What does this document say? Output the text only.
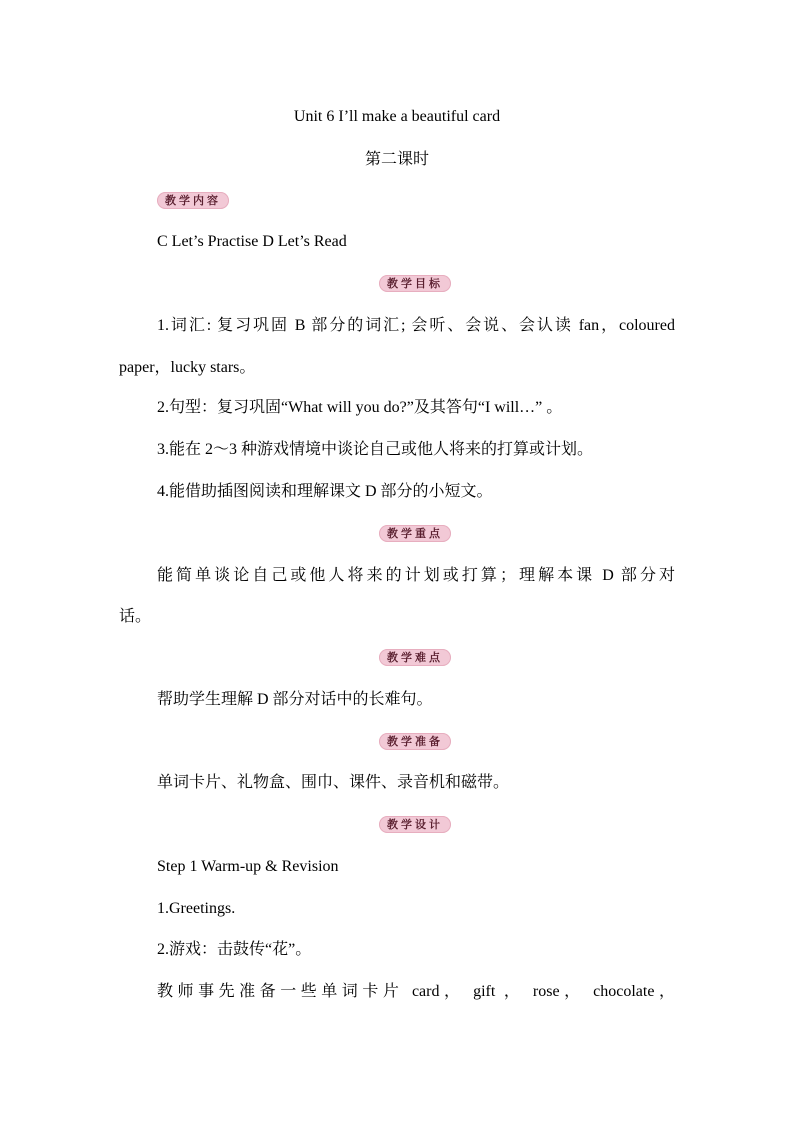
Unit 6 I’ll make a beautiful card
第二课时
教学内容
C Let’s Practise D Let’s Read
教学目标
1.词汇: 复习巩固 B 部分的词汇; 会听、会说、会认读 fan，coloured
paper，lucky stars。
2.句型：复习巩固“What will you do?”及其答句“I will…” 。
3.能在 2～3 种游戏情境中谈论自己或他人将来的打算或计划。
4.能借助插图阅读和理解课文 D 部分的小短文。
教学重点
能简单谈论自己或他人将来的计划或打算；理解本课 D 部分对
话。
教学难点
帮助学生理解 D 部分对话中的长难句。
教学准备
单词卡片、礼物盒、围巾、课件、录音机和磁带。
教学设计
Step 1 Warm-up & Revision
1.Greetings.
2.游戏：击鼓传“花”。
教师事先准备一些单词卡片 card， gift ， rose， chocolate，
